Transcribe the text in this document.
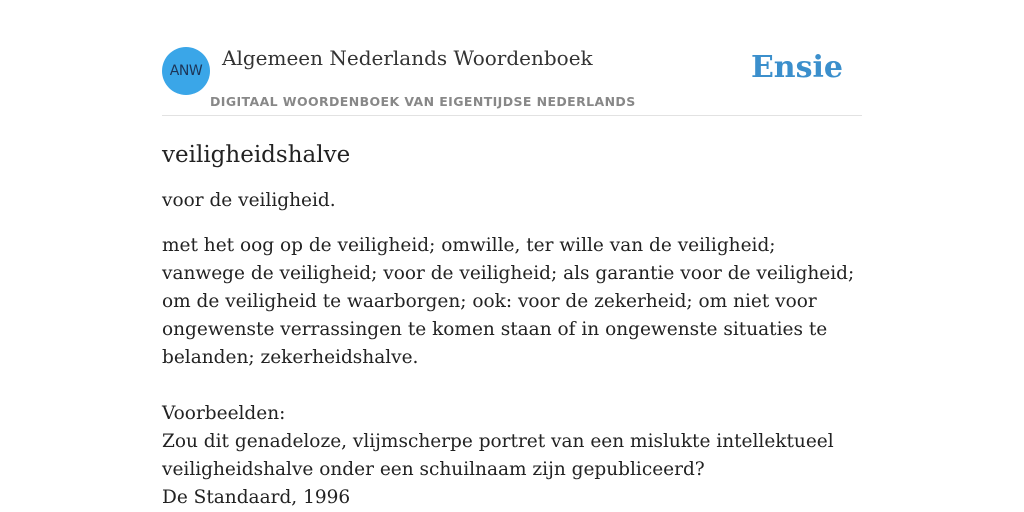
ANW
Algemeen Nederlands Woordenboek
DIGITAAL WOORDENBOEK VAN EIGENTIJDSE NEDERLANDS
Ensie
veiligheidshalve

voor de veiligheid.

met het oog op de veiligheid; omwille, ter wille van de veiligheid; vanwege de veiligheid; voor de veiligheid; als garantie voor de veiligheid; om de veiligheid te waarborgen; ook: voor de zekerheid; om niet voor ongewenste verrassingen te komen staan of in ongewenste situaties te belanden; zekerheidshalve.

Voorbeelden:
Zou dit genadeloze, vlijmscherpe portret van een mislukte intellektueel
veiligheidshalve onder een schuilnaam zijn gepubliceerd?
De Standaard, 1996
